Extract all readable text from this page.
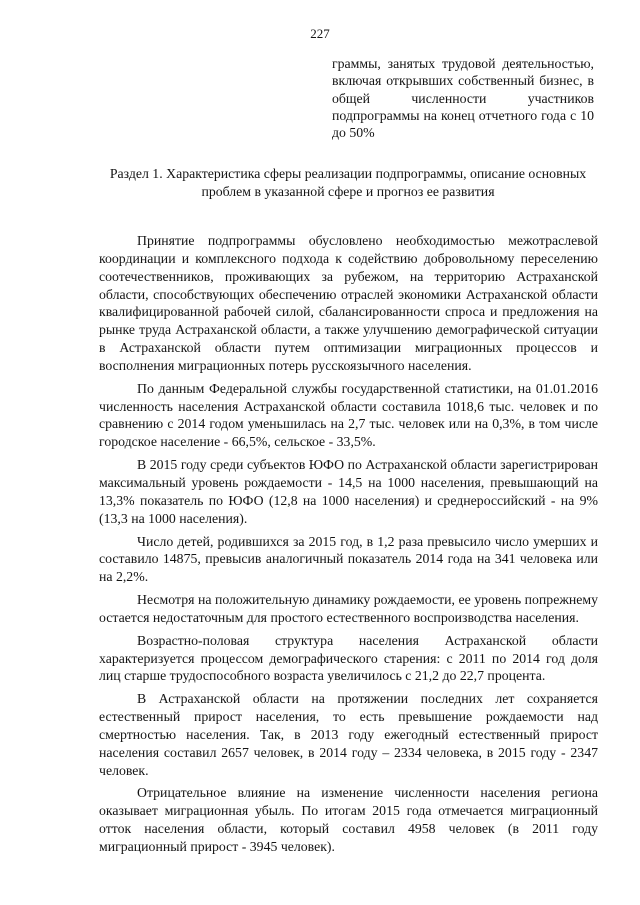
227
граммы, занятых трудовой деятельностью, включая открывших собственный бизнес, в общей численности участников подпрограммы на конец отчетного года с 10 до 50%
Раздел 1. Характеристика сферы реализации подпрограммы, описание основных проблем в указанной сфере и прогноз ее развития

Принятие подпрограммы обусловлено необходимостью межотраслевой координации и комплексного подхода к содействию добровольному переселению соотечественников, проживающих за рубежом, на территорию Астраханской области, способствующих обеспечению отраслей экономики Астраханской области квалифицированной рабочей силой, сбалансированности спроса и предложения на рынке труда Астраханской области, а также улучшению демографической ситуации в Астраханской области путем оптимизации миграционных процессов и восполнения миграционных потерь русскоязычного населения.

По данным Федеральной службы государственной статистики, на 01.01.2016 численность населения Астраханской области составила 1018,6 тыс. человек и по сравнению с 2014 годом уменьшилась на 2,7 тыс. человек или на 0,3%, в том числе городское население - 66,5%, сельское - 33,5%.

В 2015 году среди субъектов ЮФО по Астраханской области зарегистрирован максимальный уровень рождаемости - 14,5 на 1000 населения, превышающий на 13,3% показатель по ЮФО (12,8 на 1000 населения) и среднероссийский - на 9% (13,3 на 1000 населения).

Число детей, родившихся за 2015 год, в 1,2 раза превысило число умерших и составило 14875, превысив аналогичный показатель 2014 года на 341 человека или на 2,2%.

Несмотря на положительную динамику рождаемости, ее уровень попрежнему остается недостаточным для простого естественного воспроизводства населения.

Возрастно-половая структура населения Астраханской области характеризуется процессом демографического старения: с 2011 по 2014 год доля лиц старше трудоспособного возраста увеличилось с 21,2 до 22,7 процента.

В Астраханской области на протяжении последних лет сохраняется естественный прирост населения, то есть превышение рождаемости над смертностью населения. Так, в 2013 году ежегодный естественный прирост населения составил 2657 человек, в 2014 году – 2334 человека, в 2015 году - 2347 человек.

Отрицательное влияние на изменение численности населения региона оказывает миграционная убыль. По итогам 2015 года отмечается миграционный отток населения области, который составил 4958 человек (в 2011 году миграционный прирост - 3945 человек).
